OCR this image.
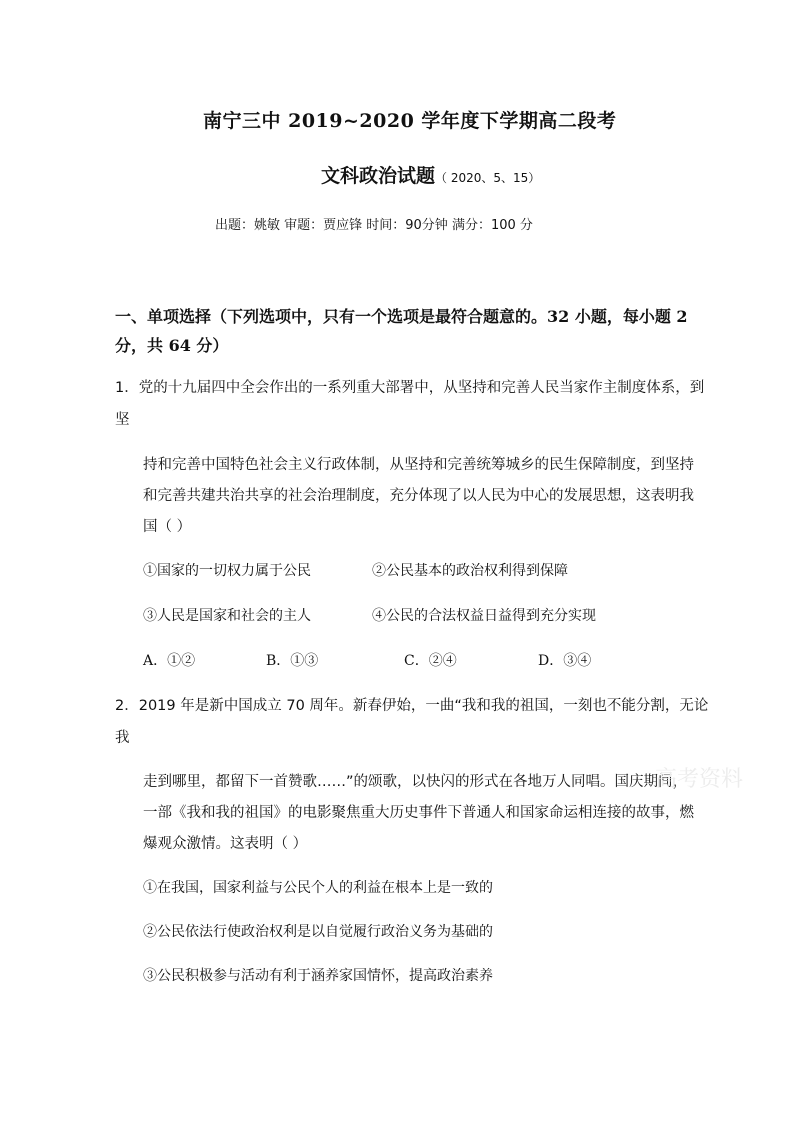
南宁三中 2019~2020 学年度下学期高二段考
文科政治试题（ 2020、5、15）
出题：姚敏 审题：贾应锋 时间：90分钟 满分：100 分
一、单项选择（下列选项中，只有一个选项是最符合题意的。32 小题，每小题 2
分，共 64 分）
1．党的十九届四中全会作出的一系列重大部署中，从坚持和完善人民当家作主制度体系，到
坚
持和完善中国特色社会主义行政体制，从坚持和完善统筹城乡的民生保障制度，到坚持
和完善共建共治共享的社会治理制度，充分体现了以人民为中心的发展思想，这表明我
国（ ）
①国家的一切权力属于公民	②公民基本的政治权利得到保障
③人民是国家和社会的主人	④公民的合法权益日益得到充分实现
A．①②	B．①③	C．②④	D．③④
2．2019 年是新中国成立 70 周年。新春伊始，一曲“我和我的祖国，一刻也不能分割，无论
我
走到哪里，都留下一首赞歌……”的颂歌，以快闪的形式在各地万人同唱。国庆期间，
一部《我和我的祖国》的电影聚焦重大历史事件下普通人和国家命运相连接的故事，燃
爆观众激情。这表明（ ）
①在我国，国家利益与公民个人的利益在根本上是一致的
②公民依法行使政治权利是以自觉履行政治义务为基础的
③公民积极参与活动有利于涵养家国情怀，提高政治素养
高考资料
